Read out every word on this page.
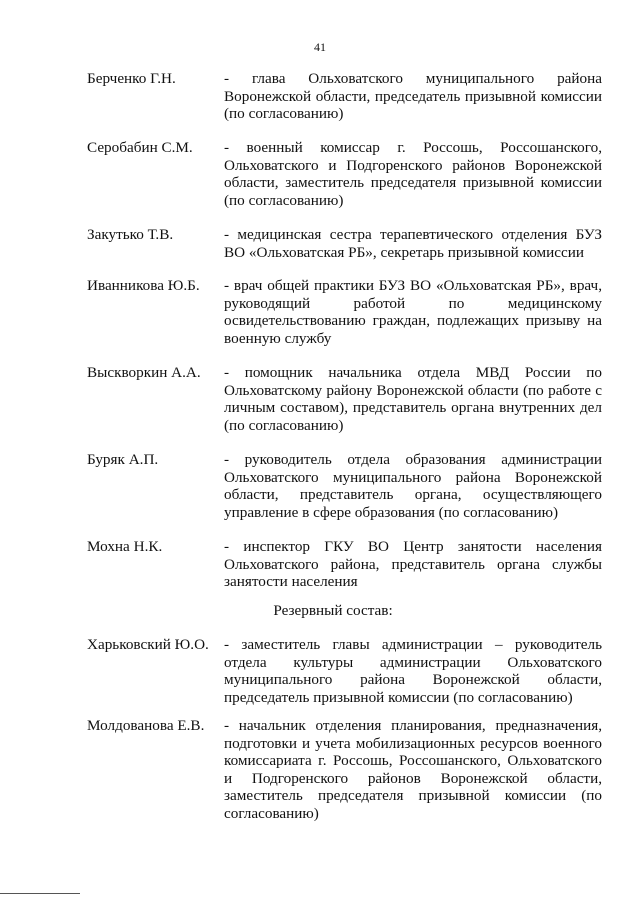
41
Берченко Г.Н.	- глава Ольховатского муниципального района Воронежской области, председатель призывной комиссии (по согласованию)
Серобабин С.М. - военный комиссар г. Россошь, Россошанского, Ольховатского и Подгоренского районов Воронежской области, заместитель председателя призывной комиссии (по согласованию)
Закутько Т.В.	- медицинская сестра терапевтического отделения БУЗ ВО «Ольховатская РБ», секретарь призывной комиссии
Иванникова Ю.Б. - врач общей практики БУЗ ВО «Ольховатская РБ», врач, руководящий работой по медицинскому освидетельствованию граждан, подлежащих призыву на военную службу
Выскворкин А.А. - помощник начальника отдела МВД России по Ольховатскому району Воронежской области (по работе с личным составом), представитель органа внутренних дел (по согласованию)
Буряк А.П.	- руководитель отдела образования администрации Ольховатского муниципального района Воронежской области, представитель органа, осуществляющего управление в сфере образования (по согласованию)
Мохна Н.К.	- инспектор ГКУ ВО Центр занятости населения Ольховатского района, представитель органа службы занятости населения
Резервный состав:
Харьковский Ю.О. - заместитель главы администрации – руководитель отдела культуры администрации Ольховатского муниципального района Воронежской области, председатель призывной комиссии (по согласованию)
Молдованова Е.В. - начальник отделения планирования, предназначения, подготовки и учета мобилизационных ресурсов военного комиссариата г. Россошь, Россошанского, Ольховатского и Подгоренского районов Воронежской области, заместитель председателя призывной комиссии (по согласованию)
